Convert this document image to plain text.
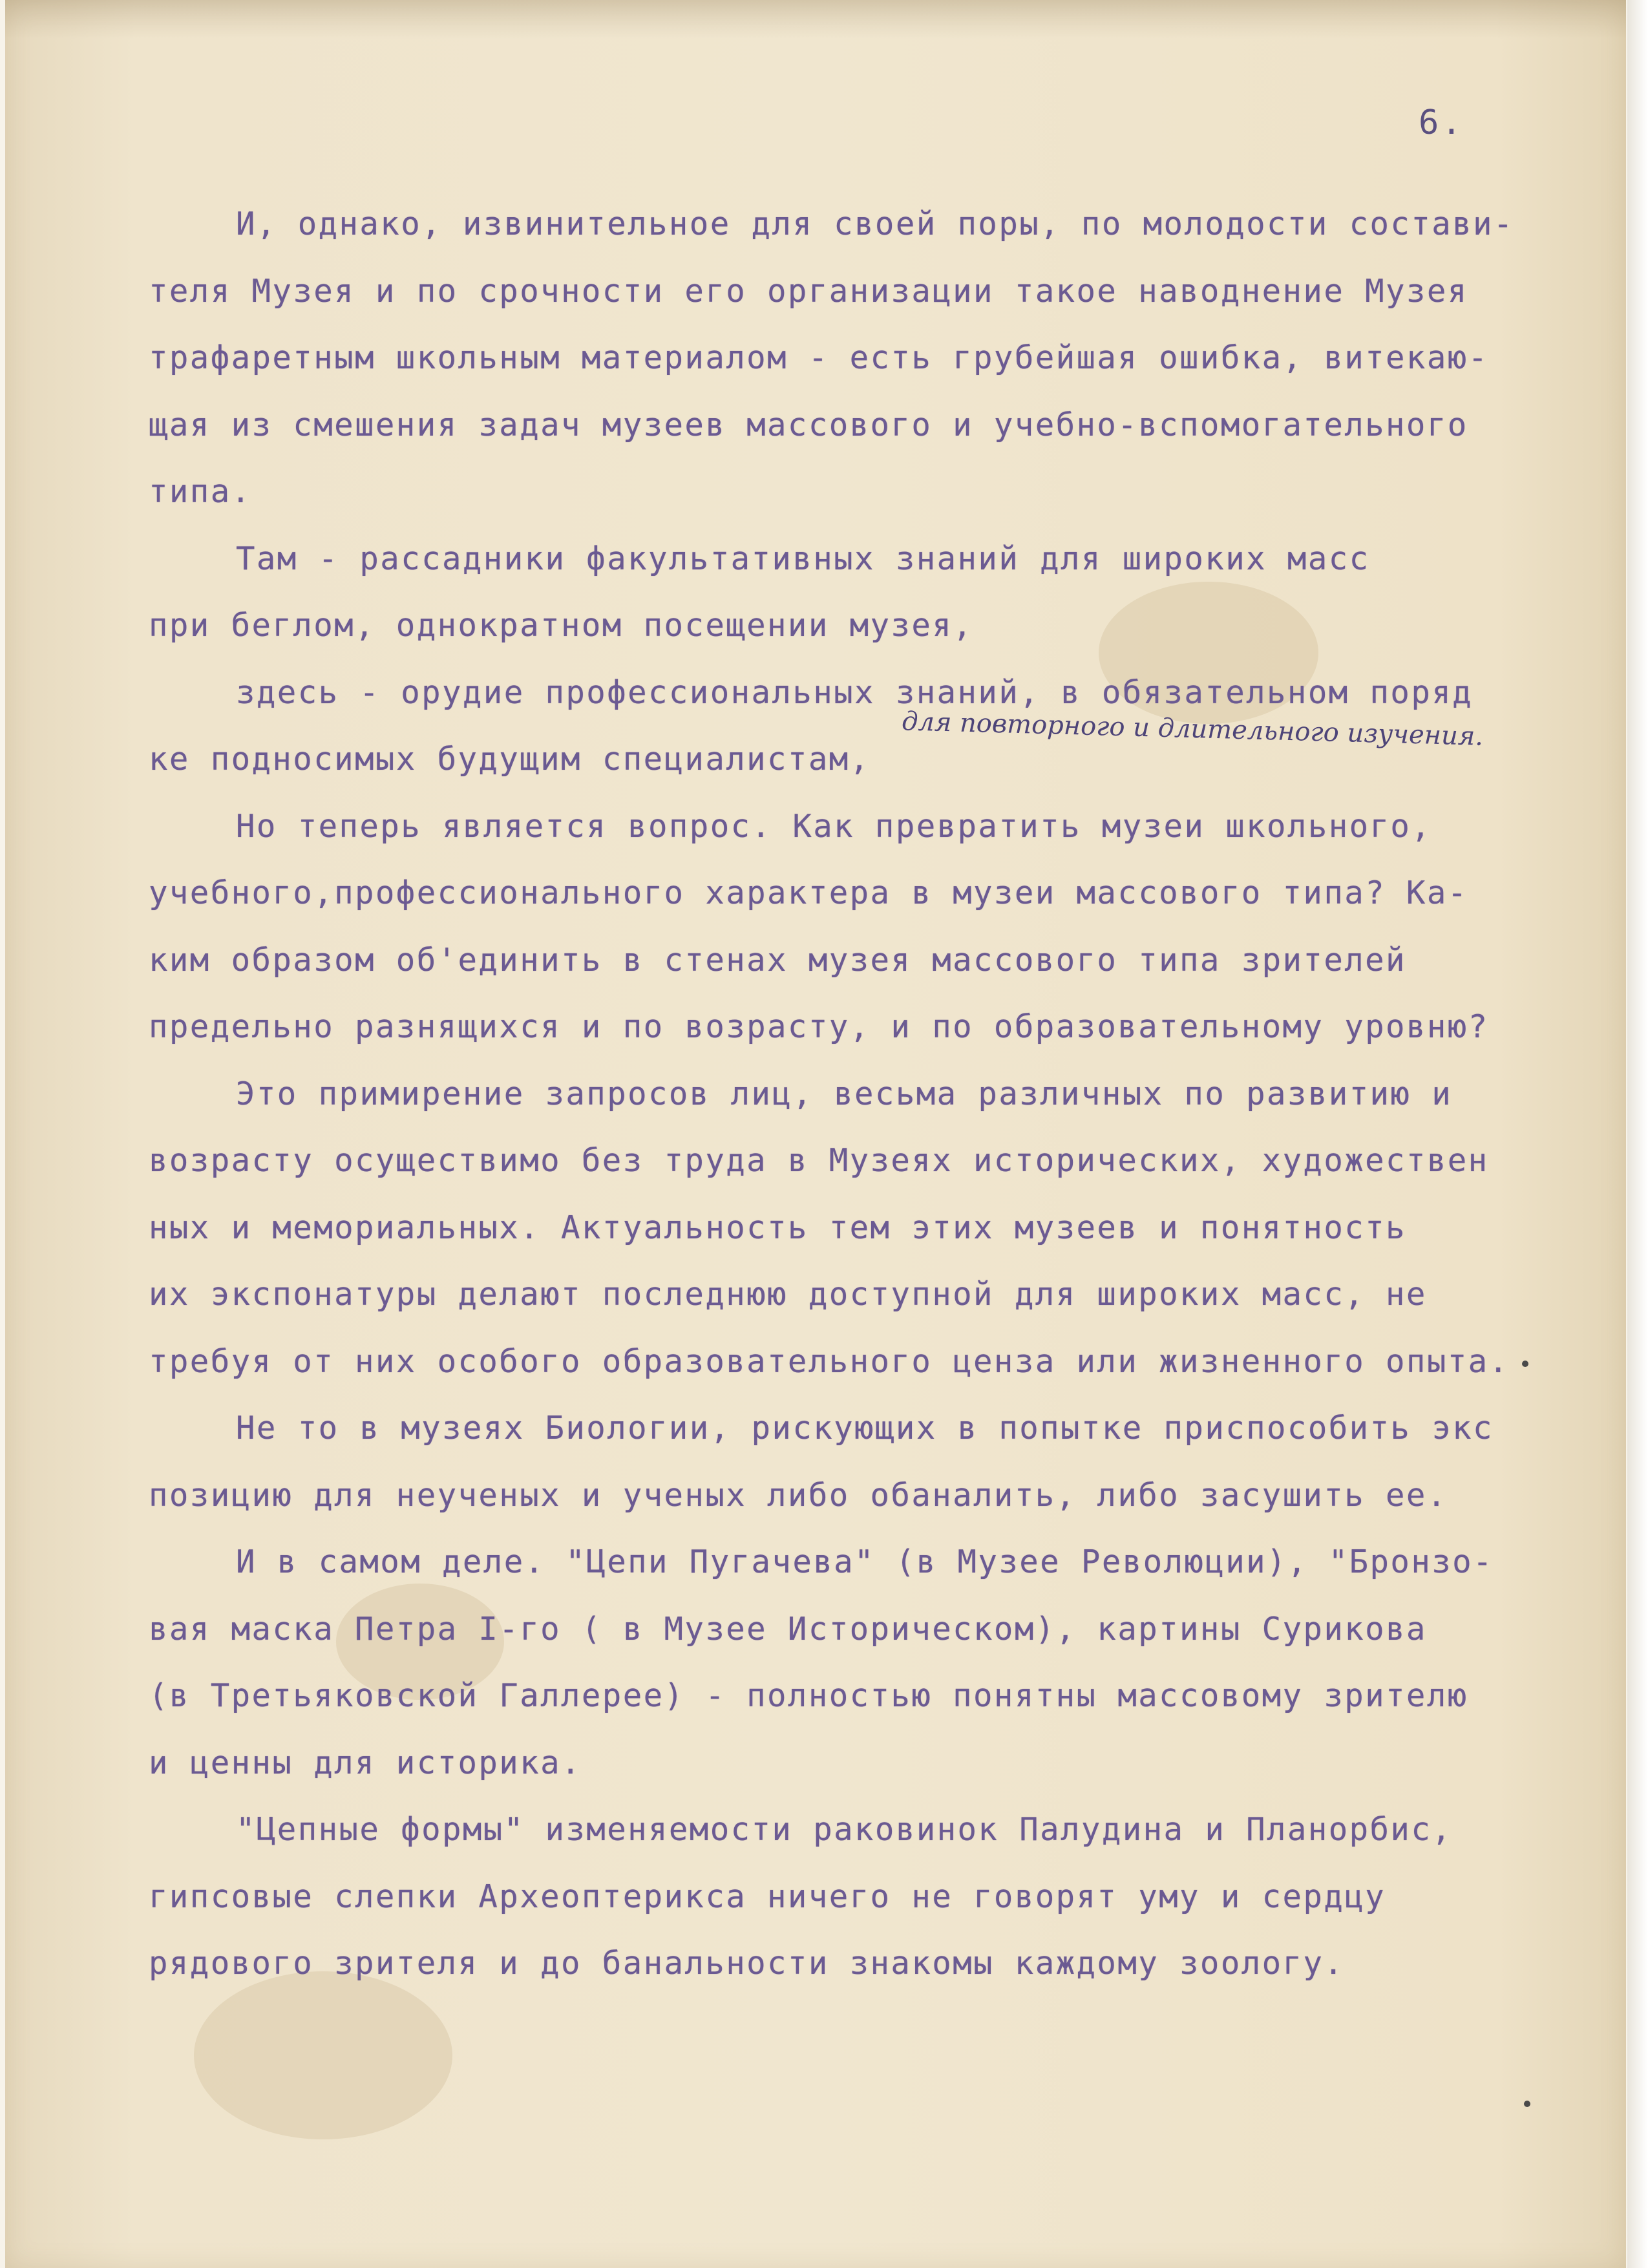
6.
И, однако, извинительное для своей поры, по молодости состави-
теля Музея и по срочности его организации такое наводнение Музея
трафаретным школьным материалом - есть грубейшая ошибка, витекаю-
щая из смешения задач музеев массового и учебно-вспомогательного
типа.
Там - рассадники факультативных знаний для широких масс
при беглом, однократном посещении музея,
здесь - орудие профессиональных знаний, в обязательном поряд
ке подносимых будущим специалистам,
Но теперь является вопрос. Как превратить музеи школьного,
учебного,профессионального характера в музеи массового типа? Ка-
ким образом об'единить в стенах музея массового типа зрителей
предельно разнящихся и по возрасту, и по образовательному уровню?
Это примирение запросов лиц, весьма различных по развитию и
возрасту осуществимо без труда в Музеях исторических, художествен
ных и мемориальных. Актуальность тем этих музеев и понятность
их экспонатуры делают последнюю доступной для широких масс, не
требуя от них особого образовательного ценза или жизненного опыта.
Не то в музеях Биологии, рискующих в попытке приспособить экс
позицию для неученых и ученых либо обаналить, либо засушить ее.
И в самом деле. "Цепи Пугачева" (в Музее Революции), "Бронзо-
вая маска Петра I-го ( в Музее Историческом), картины Сурикова
(в Третьяковской Галлерее) - полностью понятны массовому зрителю
и ценны для историка.
"Цепные формы" изменяемости раковинок Палудина и Планорбис,
гипсовые слепки Археоптерикса ничего не говорят уму и сердцу
рядового зрителя и до банальности знакомы каждому зоологу.
для повторного и длительного изучения.
